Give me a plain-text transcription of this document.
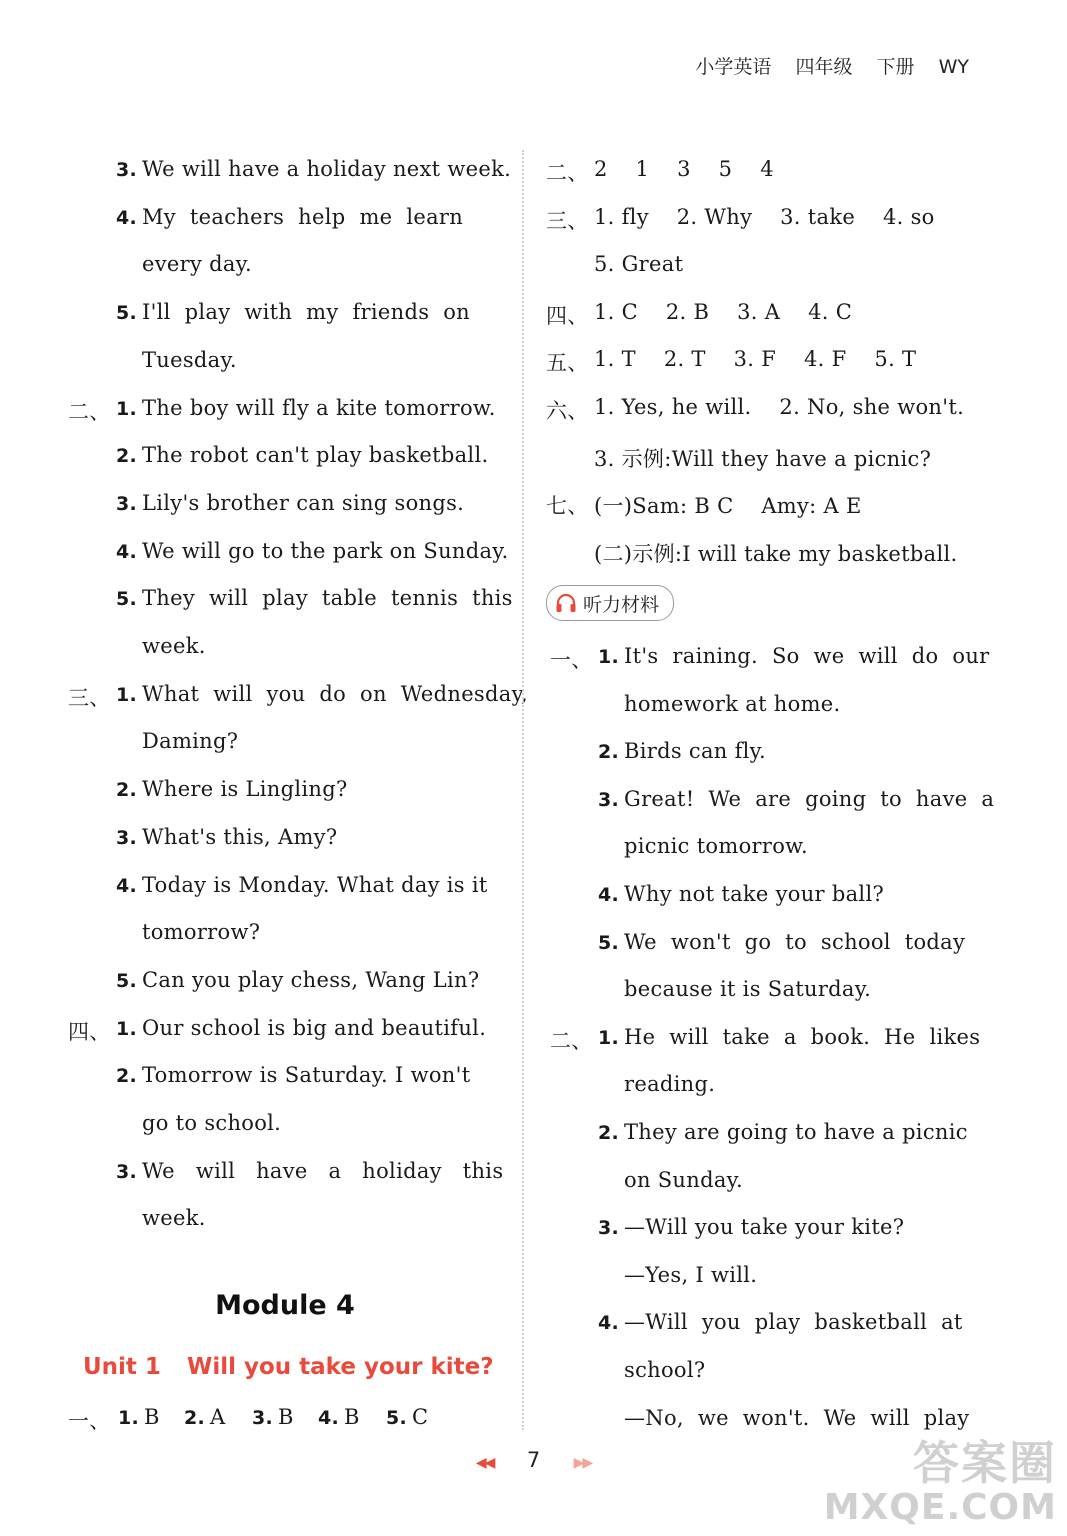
小学英语 四年级 下册 WY
3. We will have a holiday next week.
4. My  teachers  help  me  learn
every day.
5. I'll  play  with  my  friends  on
Tuesday.
二、 1. The boy will fly a kite tomorrow.
2. The robot can't play basketball.
3. Lily's brother can sing songs.
4. We will go to the park on Sunday.
5. They  will  play  table  tennis  this
week.
三、 1. What  will  you  do  on  Wednesday,
Daming?
2. Where is Lingling?
3. What's this, Amy?
4. Today is Monday. What day is it
tomorrow?
5. Can you play chess, Wang Lin?
四、 1. Our school is big and beautiful.
2. Tomorrow is Saturday. I won't
go to school.
3. We   will   have   a   holiday   this
week.
一、 1. B 2. A 3. B 4. B 5. C
二、 2    1    3    5    4
三、 1. fly    2. Why    3. take    4. so
5. Great
四、 1. C    2. B    3. A    4. C
五、 1. T    2. T    3. F    4. F    5. T
六、 1. Yes, he will.    2. No, she won't.
3. 示例:Will they have a picnic?
七、 (一)Sam: B C    Amy: A E
(二)示例:I will take my basketball.
一、 1. It's  raining.  So  we  will  do  our
homework at home.
2. Birds can fly.
3. Great!  We  are  going  to  have  a
picnic tomorrow.
4. Why not take your ball?
5. We  won't  go  to  school  today
because it is Saturday.
二、 1. He  will  take  a  book.  He  likes
reading.
2. They are going to have a picnic
on Sunday.
3. —Will you take your kite?
—Yes, I will.
4. —Will  you  play  basketball  at
school?
—No,  we  won't.  We  will  play
听力材料
Module 4
Unit 1 Will you take your kite?
◀◀ 7 ▶▶	答案圈
MXQE.COM
